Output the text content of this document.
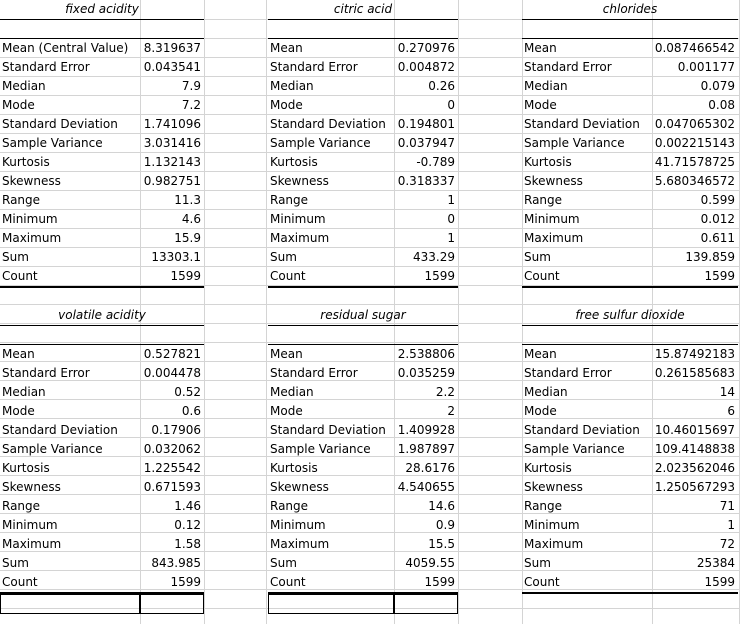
fixed acidity
Mean (Central Value)	8.319637
Standard Error	0.043541
Median	7.9
Mode	7.2
Standard Deviation	1.741096
Sample Variance	3.031416
Kurtosis	1.132143
Skewness	0.982751
Range	11.3
Minimum	4.6
Maximum	15.9
Sum	13303.1
Count	1599
citric acid
Mean	0.270976
Standard Error	0.004872
Median	0.26
Mode	0
Standard Deviation 0.194801
Sample Variance	0.037947
Kurtosis	-0.789
Skewness	0.318337
Range	1
Minimum	0
Maximum	1
Sum	433.29
Count	1599
chlorides
Mean	0.087466542
Standard Error	0.001177
Median	0.079
Mode	0.08
Standard Deviation	0.047065302
Sample Variance	0.002215143
Kurtosis	41.71578725
Skewness	5.680346572
Range	0.599
Minimum	0.012
Maximum	0.611
Sum	139.859
Count	1599
volatile acidity
Mean	0.527821
Standard Error	0.004478
Median	0.52
Mode	0.6
Standard Deviation	0.17906
Sample Variance	0.032062
Kurtosis	1.225542
Skewness	0.671593
Range	1.46
Minimum	0.12
Maximum	1.58
Sum	843.985
Count	1599
residual sugar
Mean	2.538806
Standard Error	0.035259
Median	2.2
Mode	2
Standard Deviation 1.409928
Sample Variance	1.987897
Kurtosis	28.6176
Skewness	4.540655
Range	14.6
Minimum	0.9
Maximum	15.5
Sum	4059.55
Count	1599
free sulfur dioxide
Mean	15.87492183
Standard Error	0.261585683
Median	14
Mode	6
Standard Deviation	10.46015697
Sample Variance	109.4148838
Kurtosis	2.023562046
Skewness	1.250567293
Range	71
Minimum	1
Maximum	72
Sum	25384
Count	1599
